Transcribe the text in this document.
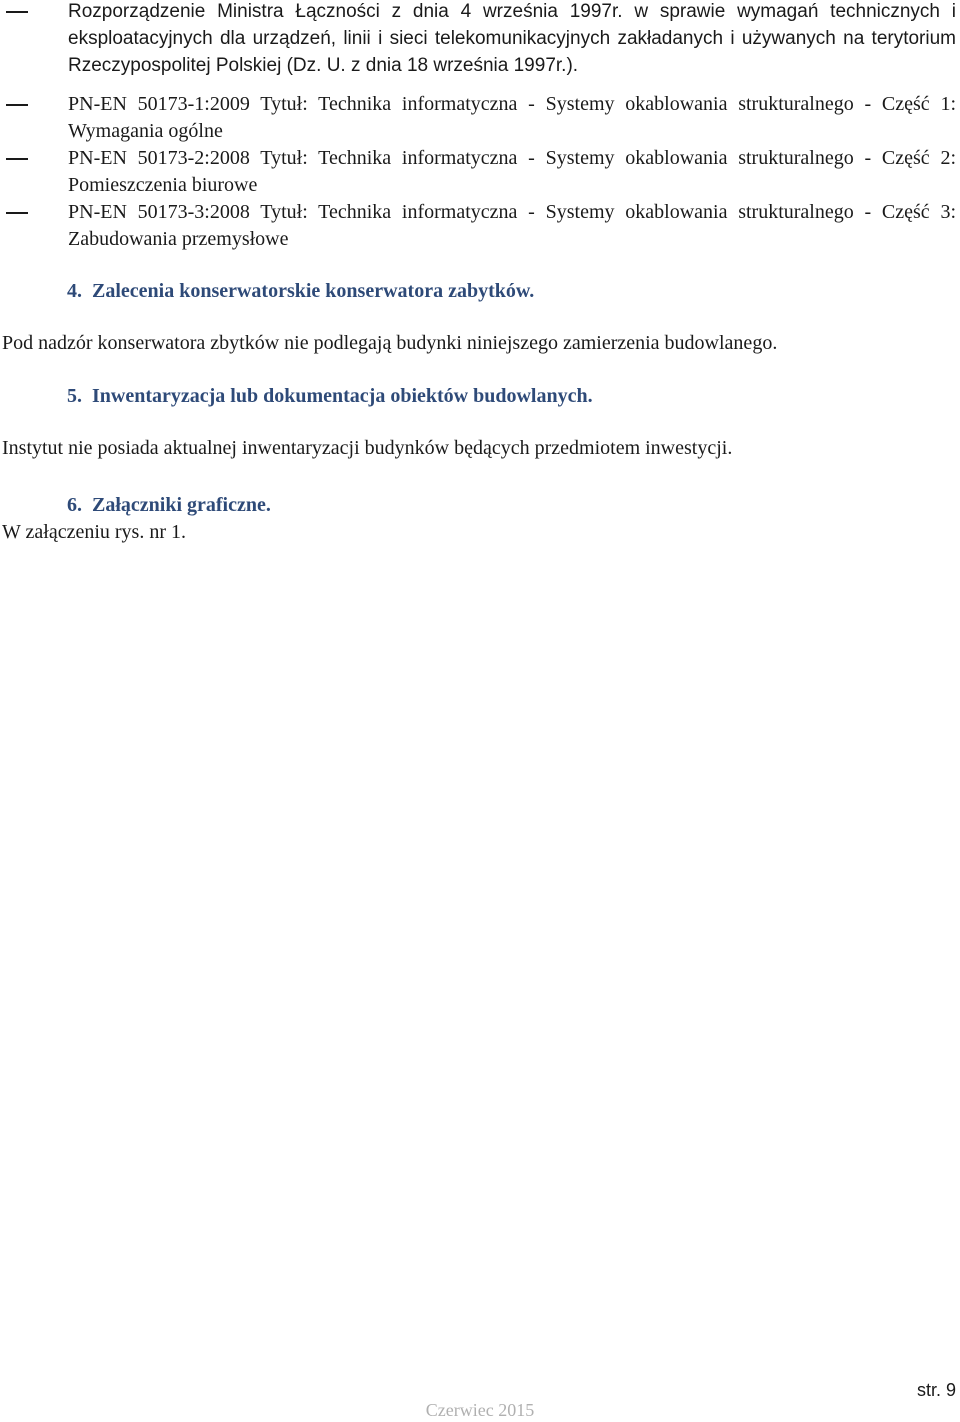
Rozporządzenie Ministra Łączności z dnia 4 września 1997r. w sprawie wymagań technicznych i eksploatacyjnych dla urządzeń, linii i sieci telekomunikacyjnych zakładanych i używanych na terytorium Rzeczypospolitej Polskiej (Dz. U. z dnia 18 września 1997r.).
PN-EN 50173-1:2009 Tytuł: Technika informatyczna - Systemy okablowania strukturalnego - Część 1: Wymagania ogólne
PN-EN 50173-2:2008 Tytuł: Technika informatyczna - Systemy okablowania strukturalnego - Część 2: Pomieszczenia biurowe
PN-EN 50173-3:2008 Tytuł: Technika informatyczna - Systemy okablowania strukturalnego - Część 3: Zabudowania przemysłowe
4. Zalecenia konserwatorskie konserwatora zabytków.
Pod nadzór konserwatora zbytków nie podlegają budynki niniejszego zamierzenia budowlanego.
5. Inwentaryzacja lub dokumentacja obiektów budowlanych.
Instytut nie posiada aktualnej inwentaryzacji budynków będących przedmiotem inwestycji.
6. Załączniki graficzne.
W załączeniu rys. nr 1.
str. 9
Czerwiec 2015
